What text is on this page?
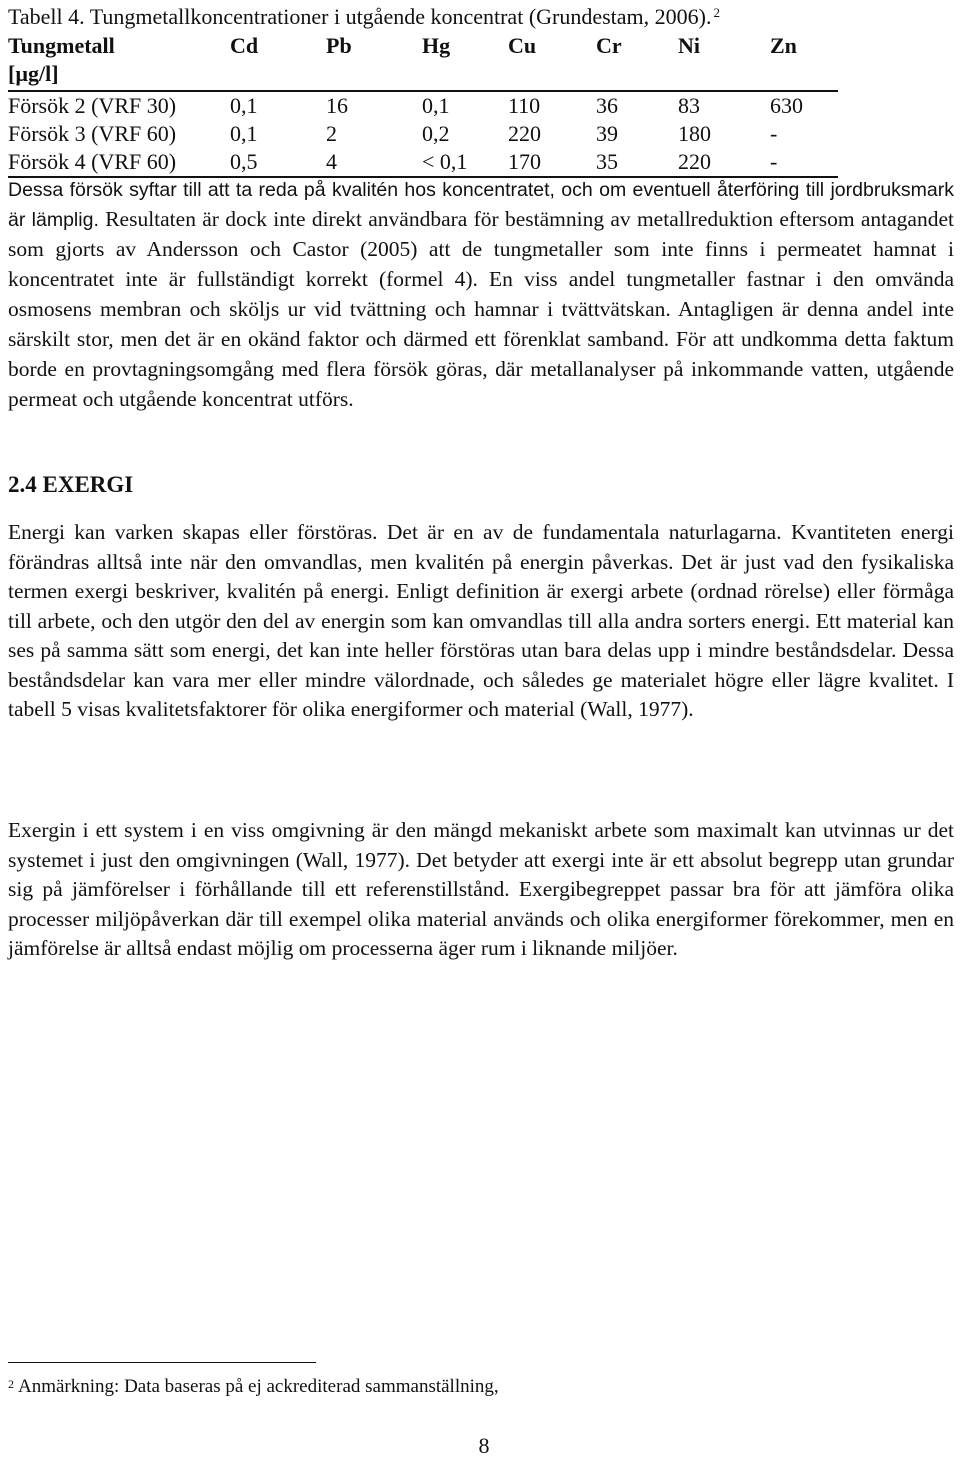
Tabell 4. Tungmetallkoncentrationer i utgående koncentrat (Grundestam, 2006). $^2$
Tungmetall	Cd	Pb	Hg	Cu	Cr	Ni	Zn
[µg/l]							
Försök 2 (VRF 30)	0,1	16	0,1	110	36	83	630
Försök 3 (VRF 60)	0,1	2	0,2	220	39	180	-
Försök 4 (VRF 60)	0,5	4	< 0,1	170	35	220	-

Dessa försök syftar till att ta reda på kvalitén hos koncentratet, och om eventuell återföring till jordbruksmark är lämplig. Resultaten är dock inte direkt användbara för bestämning av metallreduktion eftersom antagandet som gjorts av Andersson och Castor (2005) att de tungmetaller som inte finns i permeatet hamnat i koncentratet inte är fullständigt korrekt (formel 4). En viss andel tungmetaller fastnar i den omvända osmosens membran och sköljs ur vid tvättning och hamnar i tvättvätskan. Antagligen är denna andel inte särskilt stor, men det är en okänd faktor och därmed ett förenklat samband. För att undkomma detta faktum borde en provtagningsomgång med flera försök göras, där metallanalyser på inkommande vatten, utgående permeat och utgående koncentrat utförs.

2.4 EXERGI

Energi kan varken skapas eller förstöras. Det är en av de fundamentala naturlagarna. Kvantiteten energi förändras alltså inte när den omvandlas, men kvalitén på energin påverkas. Det är just vad den fysikaliska termen exergi beskriver, kvalitén på energi. Enligt definition är exergi arbete (ordnad rörelse) eller förmåga till arbete, och den utgör den del av energin som kan omvandlas till alla andra sorters energi. Ett material kan ses på samma sätt som energi, det kan inte heller förstöras utan bara delas upp i mindre beståndsdelar. Dessa beståndsdelar kan vara mer eller mindre välordnade, och således ge materialet högre eller lägre kvalitet. I tabell 5 visas kvalitetsfaktorer för olika energiformer och material (Wall, 1977).

Exergin i ett system i en viss omgivning är den mängd mekaniskt arbete som maximalt kan utvinnas ur det systemet i just den omgivningen (Wall, 1977). Det betyder att exergi inte är ett absolut begrepp utan grundar sig på jämförelser i förhållande till ett referenstillstånd. Exergibegreppet passar bra för att jämföra olika processer miljöpåverkan där till exempel olika material används och olika energiformer förekommer, men en jämförelse är alltså endast möjlig om processerna äger rum i liknande miljöer.

$^2$ Anmärkning: Data baseras på ej ackrediterad sammanställning,

8
